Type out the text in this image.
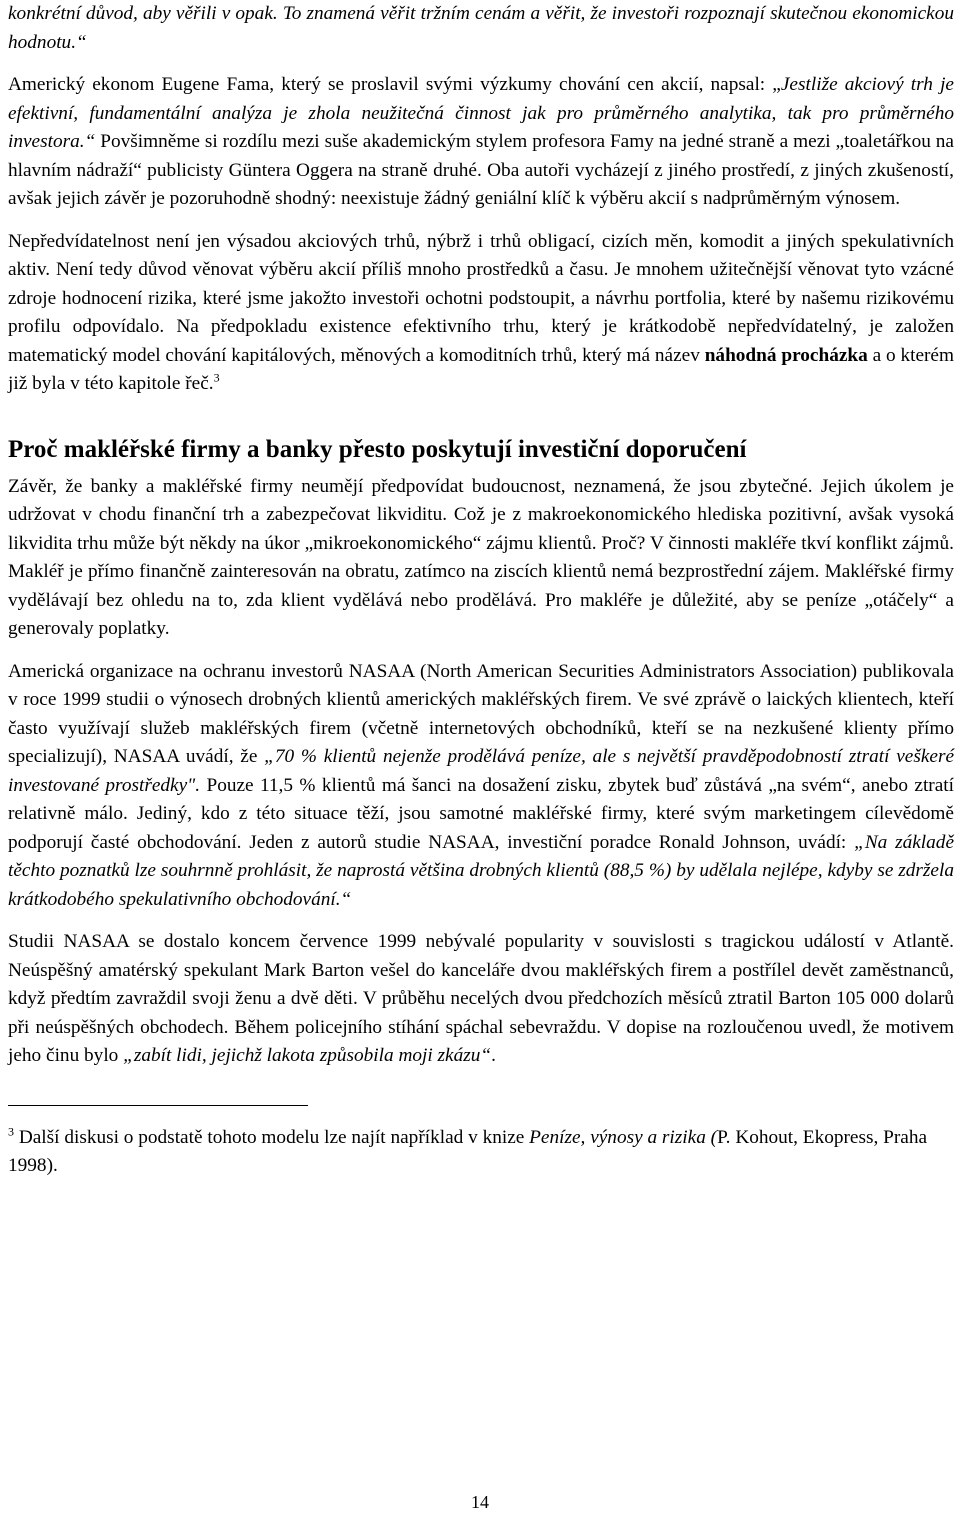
konkrétní důvod, aby věřili v opak. To znamená věřit tržním cenám a věřit, že investoři rozpoznají skutečnou ekonomickou hodnotu.“

Americký ekonom Eugene Fama, který se proslavil svými výzkumy chování cen akcií, napsal: „Jestliže akciový trh je efektivní, fundamentální analýza je zhola neužitečná činnost jak pro průměrného analytika, tak pro průměrného investora.“ Povšimněme si rozdílu mezi suše akademickým stylem profesora Famy na jedné straně a mezi „toaletářkou na hlavním nádraží“ publicisty Güntera Oggera na straně druhé. Oba autoři vycházejí z jiného prostředí, z jiných zkušeností, avšak jejich závěr je pozoruhodně shodný: neexistuje žádný geniální klíč k výběru akcií s nadprůměrným výnosem.

Nepředvídatelnost není jen výsadou akciových trhů, nýbrž i trhů obligací, cizích měn, komodit a jiných spekulativních aktiv. Není tedy důvod věnovat výběru akcií příliš mnoho prostředků a času. Je mnohem užitečnější věnovat tyto vzácné zdroje hodnocení rizika, které jsme jakožto investoři ochotni podstoupit, a návrhu portfolia, které by našemu rizikovému profilu odpovídalo. Na předpokladu existence efektivního trhu, který je krátkodobě nepředvídatelný, je založen matematický model chování kapitálových, měnových a komoditních trhů, který má název náhodná procházka a o kterém již byla v této kapitole řeč.$^3$

Proč makléřské firmy a banky přesto poskytují investiční doporučení

Závěr, že banky a makléřské firmy neumějí předpovídat budoucnost, neznamená, že jsou zbytečné. Jejich úkolem je udržovat v chodu finanční trh a zabezpečovat likviditu. Což je z makroekonomického hlediska pozitivní, avšak vysoká likvidita trhu může být někdy na úkor „mikroekonomického“ zájmu klientů. Proč? V činnosti makléře tkví konflikt zájmů. Makléř je přímo finančně zainteresován na obratu, zatímco na ziscích klientů nemá bezprostřední zájem. Makléřské firmy vydělávají bez ohledu na to, zda klient vydělává nebo prodělává. Pro makléře je důležité, aby se peníze „otáčely“ a generovaly poplatky.

Americká organizace na ochranu investorů NASAA (North American Securities Administrators Association) publikovala v roce 1999 studii o výnosech drobných klientů amerických makléřských firem. Ve své zprávě o laických klientech, kteří často využívají služeb makléřských firem (včetně internetových obchodníků, kteří se na nezkušené klienty přímo specializují), NASAA uvádí, že „70 % klientů nejenže prodělává peníze, ale s největší pravděpodobností ztratí veškeré investované prostředky". Pouze 11,5 % klientů má šanci na dosažení zisku, zbytek buď zůstává „na svém“, anebo ztratí relativně málo. Jediný, kdo z této situace těží, jsou samotné makléřské firmy, které svým marketingem cílevědomě podporují časté obchodování. Jeden z autorů studie NASAA, investiční poradce Ronald Johnson, uvádí: „Na základě těchto poznatků lze souhrnně prohlásit, že naprostá většina drobných klientů (88,5 %) by udělala nejlépe, kdyby se zdržela krátkodobého spekulativního obchodování.“

Studii NASAA se dostalo koncem července 1999 nebývalé popularity v souvislosti s tragickou událostí v Atlantě. Neúspěšný amatérský spekulant Mark Barton vešel do kanceláře dvou makléřských firem a postřílel devět zaměstnanců, když předtím zavraždil svoji ženu a dvě děti. V průběhu necelých dvou předchozích měsíců ztratil Barton 105 000 dolarů při neúspěšných obchodech. Během policejního stíhání spáchal sebevraždu. V dopise na rozloučenou uvedl, že motivem jeho činu bylo „zabít lidi, jejichž lakota způsobila moji zkázu“.

$^3$ Další diskusi o podstatě tohoto modelu lze najít například v knize Peníze, výnosy a rizika (P. Kohout, Ekopress, Praha 1998).

14
